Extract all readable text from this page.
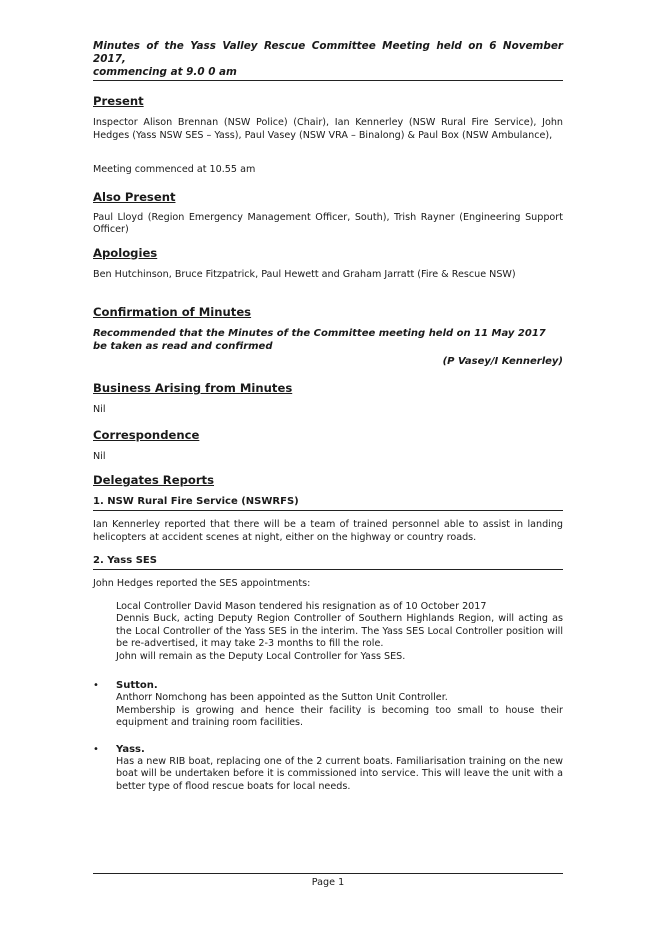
Minutes of the Yass Valley Rescue Committee Meeting held on 6 November 2017,

commencing at 9.0 0 am

Present

Inspector Alison Brennan (NSW Police) (Chair), Ian Kennerley (NSW Rural Fire Service), John Hedges (Yass NSW SES – Yass), Paul Vasey (NSW VRA – Binalong) & Paul Box (NSW Ambulance),

Meeting commenced at 10.55 am

Also Present

Paul Lloyd (Region Emergency Management Officer, South), Trish Rayner (Engineering Support Officer)

Apologies

Ben Hutchinson, Bruce Fitzpatrick, Paul Hewett and Graham Jarratt (Fire & Rescue NSW)

Confirmation of Minutes

Recommended that the Minutes of the Committee meeting held on 11 May 2017 be taken as read and confirmed

(P Vasey/I Kennerley)

Business Arising from Minutes

Nil

Correspondence

Nil

Delegates Reports

1. NSW Rural Fire Service (NSWRFS)

Ian Kennerley reported that there will be a team of trained personnel able to assist in landing helicopters at accident scenes at night, either on the highway or country roads.

2. Yass SES

John Hedges reported the SES appointments:

Local Controller David Mason tendered his resignation as of 10 October 2017

Dennis Buck, acting Deputy Region Controller of Southern Highlands Region, will acting as the Local Controller of the Yass SES in the interim. The Yass SES Local Controller position will be re-advertised, it may take 2-3 months to fill the role.

John will remain as the Deputy Local Controller for Yass SES.

• Sutton.

Anthorr Nomchong has been appointed as the Sutton Unit Controller.

Membership is growing and hence their facility is becoming too small to house their equipment and training room facilities.

• Yass.

Has a new RIB boat, replacing one of the 2 current boats. Familiarisation training on the new boat will be undertaken before it is commissioned into service. This will leave the unit with a better type of flood rescue boats for local needs.

Page 1
